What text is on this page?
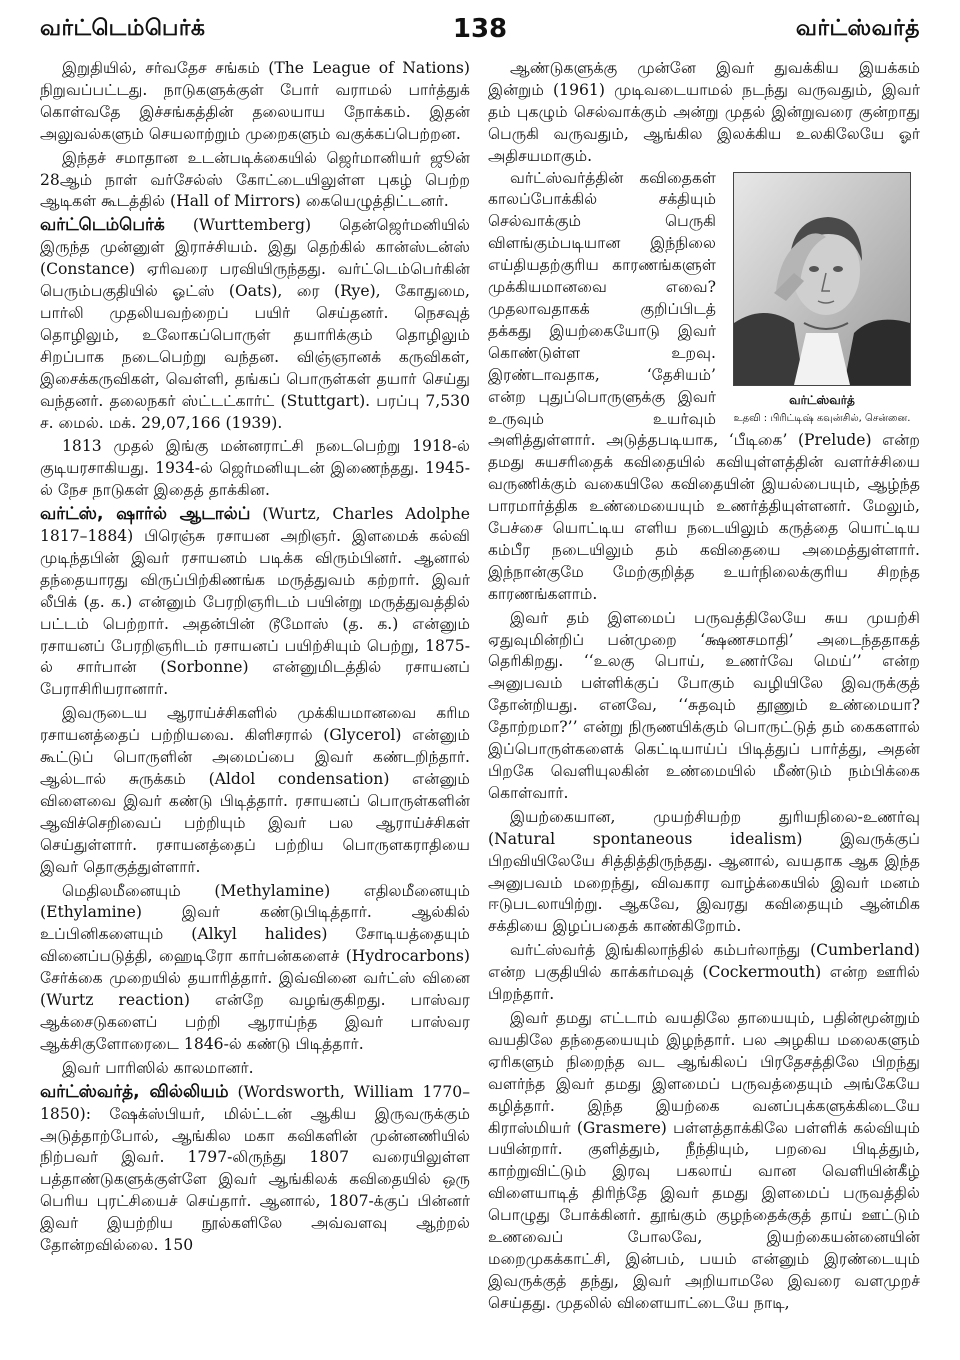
வர்ட்டெம்பெர்க்	138	வர்ட்ஸ்வர்த்

இறுதியில், சர்வதேச சங்கம் (The League of Nations) நிறுவப்பட்டது. நாடுகளுக்குள் போர் வராமல் பார்த்துக் கொள்வதே இச்சங்கத்தின் தலையாய நோக்கம். இதன் அலுவல்களும் செயலாற்றும் முறைகளும் வகுக்கப்பெற்றன.

இந்தச் சமாதான உடன்படிக்கையில் ஜெர்மானியர் ஜூன் 28ஆம் நாள் வர்சேல்ஸ் கோட்டையிலுள்ள புகழ் பெற்ற ஆடிகள் கூடத்தில் (Hall of Mirrors) கையெழுத்திட்டனர்.

வர்ட்டெம்பெர்க் (Wurttemberg) தென்ஜெர்மனியில் இருந்த முன்னுள் இராச்சியம். இது தெற்கில் கான்ஸ்டன்ஸ் (Constance) ஏரிவரை பரவியிருந்தது. வர்ட்டெம்பெர்கின் பெரும்பகுதியில் ஓட்ஸ் (Oats), ரை (Rye), கோதுமை, பார்லி முதலியவற்றைப் பயிர் செய்தனர். நெசவுத் தொழிலும், உலோகப்பொருள் தயாரிக்கும் தொழிலும் சிறப்பாக நடைபெற்று வந்தன. விஞ்ஞானக் கருவிகள், இசைக்கருவிகள், வெள்ளி, தங்கப் பொருள்கள் தயார் செய்து வந்தனர். தலைநகர் ஸ்ட்டட்கார்ட் (Stuttgart). பரப்பு 7,530 ச. மைல். மக். 29,07,166 (1939).

1813 முதல் இங்கு மன்னராட்சி நடைபெற்று 1918-ல் குடியரசாகியது. 1934-ல் ஜெர்மனியுடன் இணைந்தது. 1945-ல் நேச நாடுகள் இதைத் தாக்கின.

வர்ட்ஸ், ஷார்ல் ஆடால்ப் (Wurtz, Charles Adolphe 1817–1884) பிரெஞ்சு ரசாயன அறிஞர். இளமைக் கல்வி முடிந்தபின் இவர் ரசாயனம் படிக்க விரும்பினர். ஆனால் தந்தையாரது விருப்பிற்கிணங்க மருத்துவம் கற்றார். இவர் லீபிக் (த. க.) என்னும் பேரறிஞரிடம் பயின்று மருத்துவத்தில் பட்டம் பெற்றார். அதன்பின் டூமோஸ் (த. க.) என்னும் ரசாயனப் பேரறிஞரிடம் ரசாயனப் பயிற்சியும் பெற்று, 1875-ல் சார்பான் (Sorbonne) என்னுமிடத்தில் ரசாயனப் பேராசிரியரானார்.

இவருடைய ஆராய்ச்சிகளில் முக்கியமானவை கரிம ரசாயனத்தைப் பற்றியவை. கிளிசரால் (Glycerol) என்னும் கூட்டுப் பொருளின் அமைப்பை இவர் கண்டறிந்தார். ஆல்டால் சுருக்கம் (Aldol condensation) என்னும் விளைவை இவர் கண்டு பிடித்தார். ரசாயனப் பொருள்களின் ஆவிச்செறிவைப் பற்றியும் இவர் பல ஆராய்ச்சிகள் செய்துள்ளார். ரசாயனத்தைப் பற்றிய பொருளகராதியை இவர் தொகுத்துள்ளார்.

மெதிலமீனையும் (Methylamine) எதிலமீனையும் (Ethylamine) இவர் கண்டுபிடித்தார். ஆல்கில் உப்பினிகளையும் (Alkyl halides) சோடியத்தையும் வினைப்படுத்தி, ஹைடிரோ கார்பன்களைச் (Hydrocarbons) சேர்க்கை முறையில் தயாரித்தார். இவ்வினை வர்ட்ஸ் வினை (Wurtz reaction) என்றே வழங்குகிறது. பாஸ்வர ஆக்சைடுகளைப் பற்றி ஆராய்ந்த இவர் பாஸ்வர ஆக்சிகுளோரைடை 1846-ல் கண்டு பிடித்தார்.

இவர் பாரிஸில் காலமானர்.

வர்ட்ஸ்வர்த், வில்லியம் (Wordsworth, William 1770–1850): ஷேக்ஸ்பியர், மில்ட்டன் ஆகிய இருவருக்கும் அடுத்தாற்போல், ஆங்கில மகா கவிகளின் முன்னணியில் நிற்பவர் இவர். 1797-லிருந்து 1807 வரையிலுள்ள பத்தாண்டுகளுக்குள்ளே இவர் ஆங்கிலக் கவிதையில் ஒரு பெரிய புரட்சியைச் செய்தார். ஆனால், 1807-க்குப் பின்னர் இவர் இயற்றிய நூல்களிலே அவ்வளவு ஆற்றல் தோன்றவில்லை. 150

ஆண்டுகளுக்கு முன்னே இவர் துவக்கிய இயக்கம் இன்றும் (1961) முடிவடையாமல் நடந்து வருவதும், இவர் தம் புகழும் செல்வாக்கும் அன்று முதல் இன்றுவரை குன்றாது பெருகி வருவதும், ஆங்கில இலக்கிய உலகிலேயே ஓர் அதிசயமாகும்.

வர்ட்ஸ்வர்த்
உதவி : பிரிட்டிஷ் கவுன்சில், சென்னை.

வர்ட்ஸ்வர்த்தின் கவிதைகள் காலப்போக்கில் சக்தியும் செல்வாக்கும் பெருகி விளங்கும்படியான இந்நிலை எய்தியதற்குரிய காரணங்களுள் முக்கியமானவை எவை? முதலாவதாகக் குறிப்பிடத் தக்கது இயற்கையோடு இவர் கொண்டுள்ள உறவு. இரண்டாவதாக, ‘தேசியம்’ என்ற புதுப்பொருளுக்கு இவர் உருவும் உயர்வும் அளித்துள்ளார். அடுத்தபடியாக, ‘பீடிகை’ (Prelude) என்ற தமது சுயசரிதைக் கவிதையில் கவியுள்ளத்தின் வளர்ச்சியை வருணிக்கும் வகையிலே கவிதையின் இயல்பையும், ஆழ்ந்த பாரமார்த்திக உண்மையையும் உணர்த்தியுள்ளனர். மேலும், பேச்சை யொட்டிய எளிய நடையிலும் கருத்தை யொட்டிய கம்பீர நடையிலும் தம் கவிதையை அமைத்துள்ளார். இந்நான்குமே மேற்குறித்த உயர்நிலைக்குரிய சிறந்த காரணங்களாம்.

இவர் தம் இளமைப் பருவத்திலேயே சுய முயற்சி ஏதுவுமின்றிப் பன்முறை ‘க்ஷணசமாதி’ அடைந்ததாகத் தெரிகிறது. ‘‘உலகு பொய், உணர்வே மெய்’’ என்ற அனுபவம் பள்ளிக்குப் போகும் வழியிலே இவருக்குத் தோன்றியது. எனவே, ‘‘சுதவும் தூணும் உண்மையா? தோற்றமா?’’ என்று நிருணயிக்கும் பொருட்டுத் தம் கைகளால் இப்பொருள்களைக் கெட்டியாய்ப் பிடித்துப் பார்த்து, அதன் பிறகே வெளியுலகின் உண்மையில் மீண்டும் நம்பிக்கை கொள்வார்.

இயற்கையான, முயற்சியற்ற துரியநிலை-உணர்வு (Natural spontaneous idealism) இவருக்குப் பிறவியிலேயே சித்தித்திருந்தது. ஆனால், வயதாக ஆக இந்த அனுபவம் மறைந்து, விவகார வாழ்க்கையில் இவர் மனம் ஈடுபடலாயிற்று. ஆகவே, இவரது கவிதையும் ஆன்மிக சக்தியை இழப்பதைக் காண்கிறோம்.

வர்ட்ஸ்வர்த் இங்கிலாந்தில் கம்பர்லாந்து (Cumberland) என்ற பகுதியில் காக்கர்மவுத் (Cockermouth) என்ற ஊரில் பிறந்தார்.

இவர் தமது எட்டாம் வயதிலே தாயையும், பதின்மூன்றும் வயதிலே தந்தையையும் இழந்தார். பல அழகிய மலைகளும் ஏரிகளும் நிறைந்த வட ஆங்கிலப் பிரதேசத்திலே பிறந்து வளர்ந்த இவர் தமது இளமைப் பருவத்தையும் அங்கேயே கழித்தார். இந்த இயற்கை வனப்புக்களுக்கிடையே கிராஸ்மியர் (Grasmere) பள்ளத்தாக்கிலே பள்ளிக் கல்வியும் பயின்றார். குளித்தும், நீந்தியும், பறவை பிடித்தும், காற்றுவிட்டும் இரவு பகலாய் வான வெளியின்கீழ் விளையாடித் திரிந்தே இவர் தமது இளமைப் பருவத்தில் பொழுது போக்கினர். தூங்கும் குழந்தைக்குத் தாய் ஊட்டும் உணவைப் போலவே, இயற்கையன்னையின் மறைமுகக்காட்சி, இன்பம், பயம் என்னும் இரண்டையும் இவருக்குத் தந்து, இவர் அறியாமலே இவரை வளமுறச் செய்தது. முதலில் விளையாட்டையே நாடி,
